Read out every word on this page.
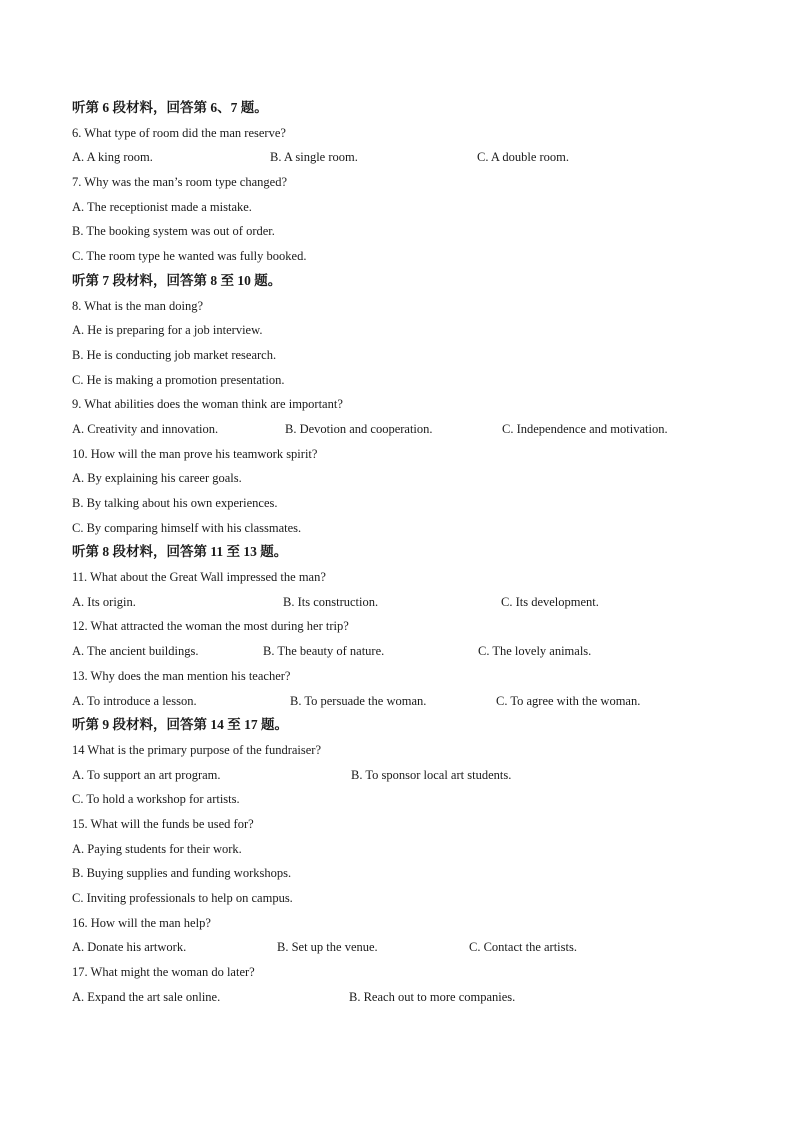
听第 6 段材料，回答第 6、7 题。
6. What type of room did the man reserve?
A. A king room.	B. A single room.	C. A double room.
7. Why was the man’s room type changed?
A. The receptionist made a mistake.
B. The booking system was out of order.
C. The room type he wanted was fully booked.
听第 7 段材料，回答第 8 至 10 题。
8. What is the man doing?
A. He is preparing for a job interview.
B. He is conducting job market research.
C. He is making a promotion presentation.
9. What abilities does the woman think are important?
A. Creativity and innovation.	B. Devotion and cooperation.	C. Independence and motivation.
10. How will the man prove his teamwork spirit?
A. By explaining his career goals.
B. By talking about his own experiences.
C. By comparing himself with his classmates.
听第 8 段材料，回答第 11 至 13 题。
11. What about the Great Wall impressed the man?
A. Its origin.	B. Its construction.	C. Its development.
12. What attracted the woman the most during her trip?
A. The ancient buildings.	B. The beauty of nature.	C. The lovely animals.
13. Why does the man mention his teacher?
A. To introduce a lesson.	B. To persuade the woman.	C. To agree with the woman.
听第 9 段材料，回答第 14 至 17 题。
14 What is the primary purpose of the fundraiser?
A. To support an art program.	B. To sponsor local art students.
C. To hold a workshop for artists.
15. What will the funds be used for?
A. Paying students for their work.
B. Buying supplies and funding workshops.
C. Inviting professionals to help on campus.
16. How will the man help?
A. Donate his artwork.	B. Set up the venue.	C. Contact the artists.
17. What might the woman do later?
A. Expand the art sale online.	B. Reach out to more companies.
